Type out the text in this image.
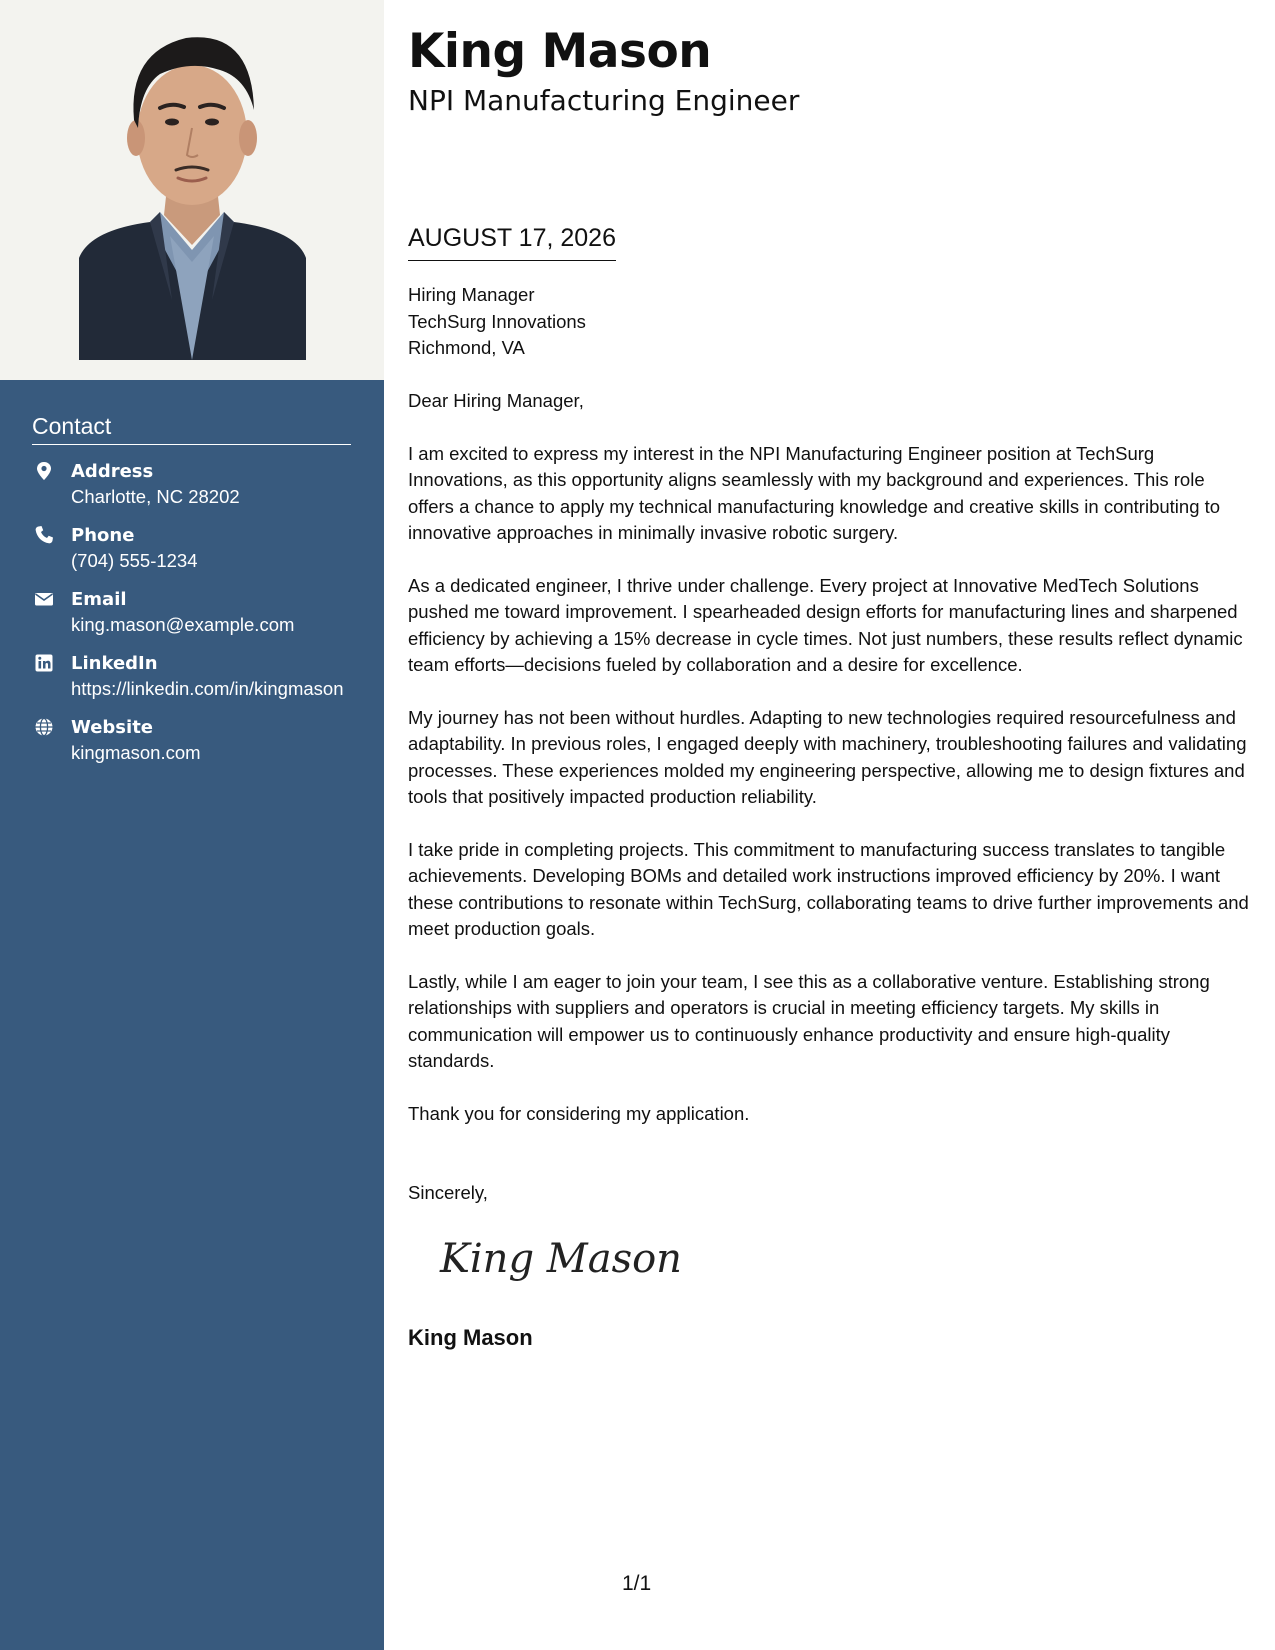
Contact
Address
Charlotte, NC 28202
Phone
(704) 555-1234
Email
king.mason@example.com
LinkedIn
https://linkedin.com/in/kingmason
Website
kingmason.com
King Mason
NPI Manufacturing Engineer
AUGUST 17, 2026
Hiring Manager
TechSurg Innovations
Richmond, VA

Dear Hiring Manager,

I am excited to express my interest in the NPI Manufacturing Engineer position at TechSurg Innovations, as this opportunity aligns seamlessly with my background and experiences. This role offers a chance to apply my technical manufacturing knowledge and creative skills in contributing to innovative approaches in minimally invasive robotic surgery.

As a dedicated engineer, I thrive under challenge. Every project at Innovative MedTech Solutions pushed me toward improvement. I spearheaded design efforts for manufacturing lines and sharpened efficiency by achieving a 15% decrease in cycle times. Not just numbers, these results reflect dynamic team efforts—decisions fueled by collaboration and a desire for excellence.

My journey has not been without hurdles. Adapting to new technologies required resourcefulness and adaptability. In previous roles, I engaged deeply with machinery, troubleshooting failures and validating processes. These experiences molded my engineering perspective, allowing me to design fixtures and tools that positively impacted production reliability.

I take pride in completing projects. This commitment to manufacturing success translates to tangible achievements. Developing BOMs and detailed work instructions improved efficiency by 20%. I want these contributions to resonate within TechSurg, collaborating teams to drive further improvements and meet production goals.

Lastly, while I am eager to join your team, I see this as a collaborative venture. Establishing strong relationships with suppliers and operators is crucial in meeting efficiency targets. My skills in communication will empower us to continuously enhance productivity and ensure high-quality standards.

Thank you for considering my application.

Sincerely,
King Mason
King Mason
1/1
